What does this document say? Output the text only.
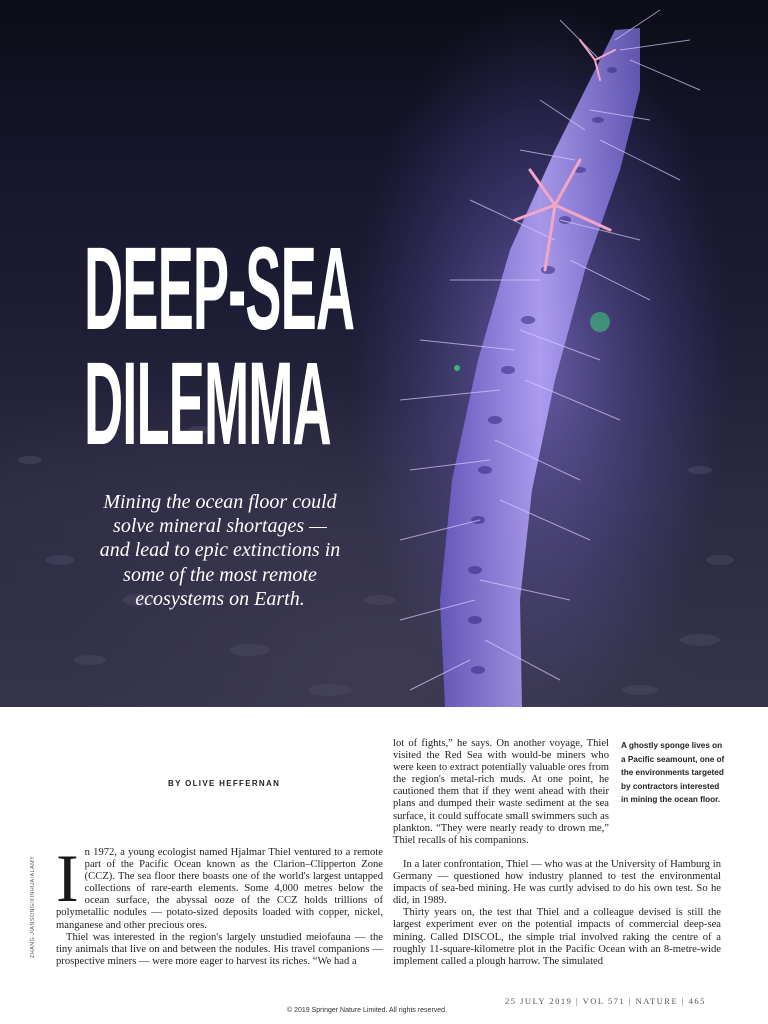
DEEP-SEA
DILEMMA

Mining the ocean floor could solve mineral shortages — and lead to epic extinctions in some of the most remote ecosystems on Earth.

BY OLIVE HEFFERNAN

ZHANG JIANSONG/XINHUA/ALAMY In 1972, a young ecologist named Hjalmar Thiel ventured to a remote part of the Pacific Ocean known as the Clarion–Clipperton Zone (CCZ). The sea floor there boasts one of the world's largest untapped collections of rare-earth elements. Some 4,000 metres below the ocean surface, the abyssal ooze of the CCZ holds trillions of polymetallic nodules — potato-sized deposits loaded with copper, nickel, manganese and other precious ores.

Thiel was interested in the region's largely unstudied meiofauna — the tiny animals that live on and between the nodules. His travel companions — prospective miners — were more eager to harvest its riches. “We had a

lot of fights,” he says. On another voyage, Thiel visited the Red Sea with would-be miners who were keen to extract potentially valuable ores from the region's metal-rich muds. At one point, he cautioned them that if they went ahead with their plans and dumped their waste sediment at the sea surface, it could suffocate small swimmers such as plankton. “They were nearly ready to drown me,” Thiel recalls of his companions.

In a later confrontation, Thiel — who was at the University of Hamburg in Germany — questioned how industry planned to test the environmental impacts of sea-bed mining. He was curtly advised to do his own test. So he did, in 1989.

Thirty years on, the test that Thiel and a colleague devised is still the largest experiment ever on the potential impacts of commercial deep-sea mining. Called DISCOL, the simple trial involved raking the centre of a roughly 11-square-kilometre plot in the Pacific Ocean with an 8-metre-wide implement called a plough harrow. The simulated

A ghostly sponge lives on a Pacific seamount, one of the environments targeted by contractors interested in mining the ocean floor.

25 JULY 2019 | VOL 571 | NATURE | 465

© 2019 Springer Nature Limited. All rights reserved.
